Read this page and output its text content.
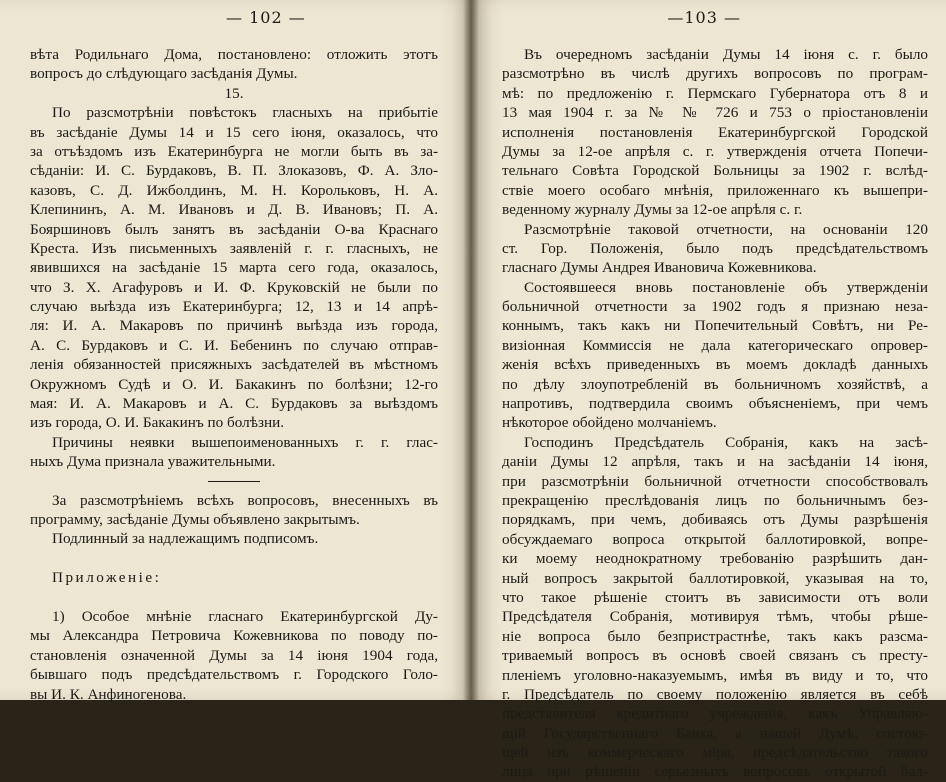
— 102 —
вѣта Родильнаго Дома, постановлено: отложить этотъ
вопросъ до слѣдующаго засѣданія Думы.
15.
По разсмотрѣніи повѣстокъ гласныхъ на прибытіе
въ засѣданіе Думы 14 и 15 сего іюня, оказалось, что
за отъѣздомъ изъ Екатеринбурга не могли быть въ за-
сѣданіи: И. С. Бурдаковъ, В. П. Злоказовъ, Ф. А. Зло-
казовъ, С. Д. Ижболдинъ, М. Н. Корольковъ, Н. А.
Клепининъ, А. М. Ивановъ и Д. В. Ивановъ; П. А.
Бояршиновъ былъ занятъ въ засѣданіи О-ва Краснаго
Креста. Изъ письменныхъ заявленій г. г. гласныхъ, не
явившихся на засѣданіе 15 марта сего года, оказалось,
что З. Х. Агафуровъ и И. Ф. Круковскій не были по
случаю выѣзда изъ Екатеринбурга; 12, 13 и 14 апрѣ-
ля: И. А. Макаровъ по причинѣ выѣзда изъ города,
А. С. Бурдаковъ и С. И. Бебенинъ по случаю отправ-
ленія обязанностей присяжныхъ засѣдателей въ мѣстномъ
Окружномъ Судѣ и О. И. Бакакинъ по болѣзни; 12-го
мая: И. А. Макаровъ и А. С. Бурдаковъ за выѣздомъ
изъ города, О. И. Бакакинъ по болѣзни.
Причины неявки вышепоименованныхъ г. г. глас-
ныхъ Дума признала уважительными.
За разсмотрѣніемъ всѣхъ вопросовъ, внесенныхъ въ
программу, засѣданіе Думы объявлено закрытымъ.
Подлинный за надлежащимъ подписомъ.
Приложеніе:
1) Особое мнѣніе гласнаго Екатеринбургской Ду-
мы Александра Петровича Кожевникова по поводу по-
становленія означенной Думы за 14 іюня 1904 года,
бывшаго подъ предсѣдательствомъ г. Городского Голо-
вы И. К. Анфиногенова.
—103 —
Въ очередномъ засѣданіи Думы 14 іюня с. г. было
разсмотрѣно въ числѣ другихъ вопросовъ по програм-
мѣ: по предложенію г. Пермскаго Губернатора отъ 8 и
13 мая 1904 г. за № № 726 и 753 о пріостановленіи
исполненія постановленія Екатеринбургской Городской
Думы за 12-ое апрѣля с. г. утвержденія отчета Попечи-
тельнаго Совѣта Городской Больницы за 1902 г. вслѣд-
ствіе моего особаго мнѣнія, приложеннаго къ вышепри-
веденному журналу Думы за 12-ое апрѣля с. г.
Разсмотрѣніе таковой отчетности, на основаніи 120
ст. Гор. Положенія, было подъ предсѣдательствомъ
гласнаго Думы Андрея Ивановича Кожевникова.
Состоявшееся вновь постановленіе объ утвержденіи
больничной отчетности за 1902 годъ я признаю неза-
коннымъ, такъ какъ ни Попечительный Совѣтъ, ни Ре-
визіонная Коммиссія не дала категорическаго опровер-
женія всѣхъ приведенныхъ въ моемъ докладѣ данныхъ
по дѣлу злоупотребленій въ больничномъ хозяйствѣ, а
напротивъ, подтвердила своимъ объясненіемъ, при чемъ
нѣкоторое обойдено молчаніемъ.
Господинъ Предсѣдатель Собранія, какъ на засѣ-
даніи Думы 12 апрѣля, такъ и на засѣданіи 14 іюня,
при разсмотрѣніи больничной отчетности способствовалъ
прекращенію преслѣдованія лицъ по больничнымъ без-
порядкамъ, при чемъ, добиваясь отъ Думы разрѣшенія
обсуждаемаго вопроса открытой баллотировкой, вопре-
ки моему неоднократному требованію разрѣшить дан-
ный вопросъ закрытой баллотировкой, указывая на то,
что такое рѣшеніе стоитъ въ зависимости отъ воли
Предсѣдателя Собранія, мотивируя тѣмъ, чтобы рѣше-
ніе вопроса было безпристрастнѣе, такъ какъ разсма-
триваемый вопросъ въ основѣ своей связанъ съ престу-
пленіемъ уголовно-наказуемымъ, имѣя въ виду и то, что
г. Предсѣдатель по своему положенію является въ себѣ
представителя кредитнаго учрежденія, какъ Управляю-
щій Государственнаго Банка, а нашей Думѣ, состою-
щей изъ коммерческаго міра, предсѣдательство такого
лица при рѣшеніи серьезныхъ вопросовъ открытой бал-
